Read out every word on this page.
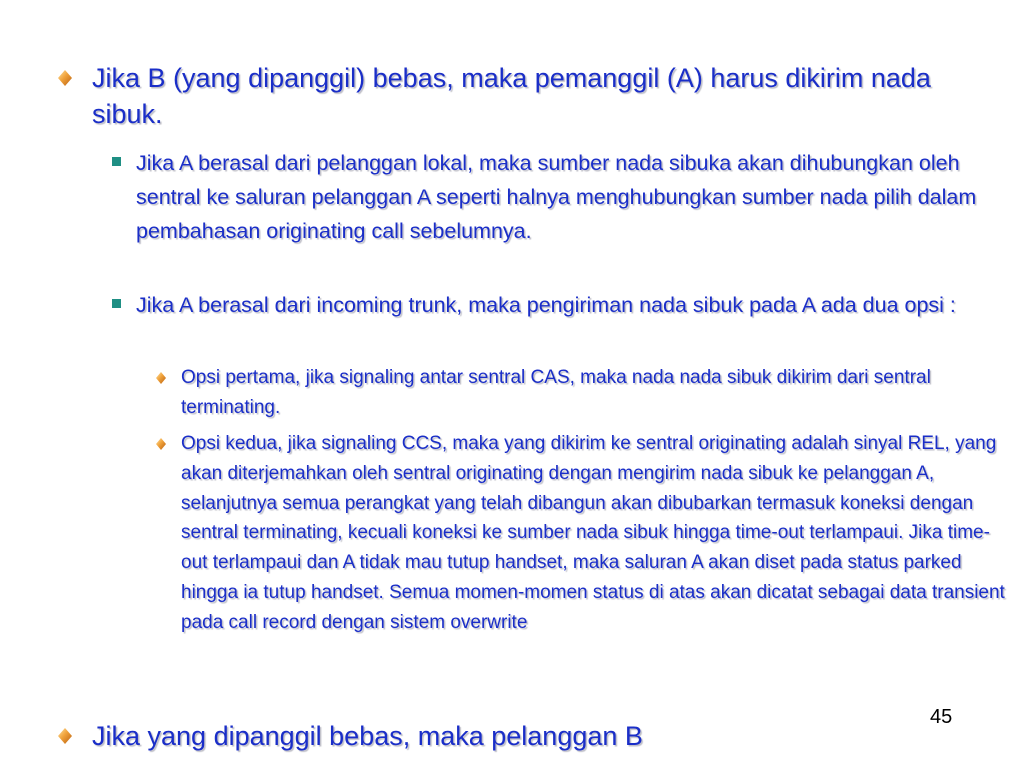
Jika B (yang dipanggil) bebas, maka pemanggil (A) harus dikirim nada sibuk.
Jika A berasal dari pelanggan lokal, maka sumber nada sibuka akan dihubungkan oleh sentral ke saluran pelanggan A seperti halnya menghubungkan sumber nada pilih dalam pembahasan originating call sebelumnya.
Jika A berasal dari incoming trunk, maka pengiriman nada sibuk pada A ada dua opsi :
Opsi pertama, jika signaling antar sentral CAS, maka nada nada sibuk dikirim dari sentral terminating.
Opsi kedua, jika signaling CCS, maka yang dikirim ke sentral originating adalah sinyal REL, yang akan diterjemahkan oleh sentral originating dengan mengirim nada sibuk ke pelanggan A, selanjutnya semua perangkat yang telah dibangun akan dibubarkan termasuk koneksi dengan sentral terminating, kecuali koneksi ke sumber nada sibuk hingga time-out terlampaui. Jika time-out terlampaui dan A tidak mau tutup handset, maka saluran A akan diset pada status parked hingga ia tutup handset. Semua momen-momen status di atas akan dicatat sebagai data transient pada call record dengan sistem overwrite
Jika yang dipanggil bebas, maka pelanggan B
45
